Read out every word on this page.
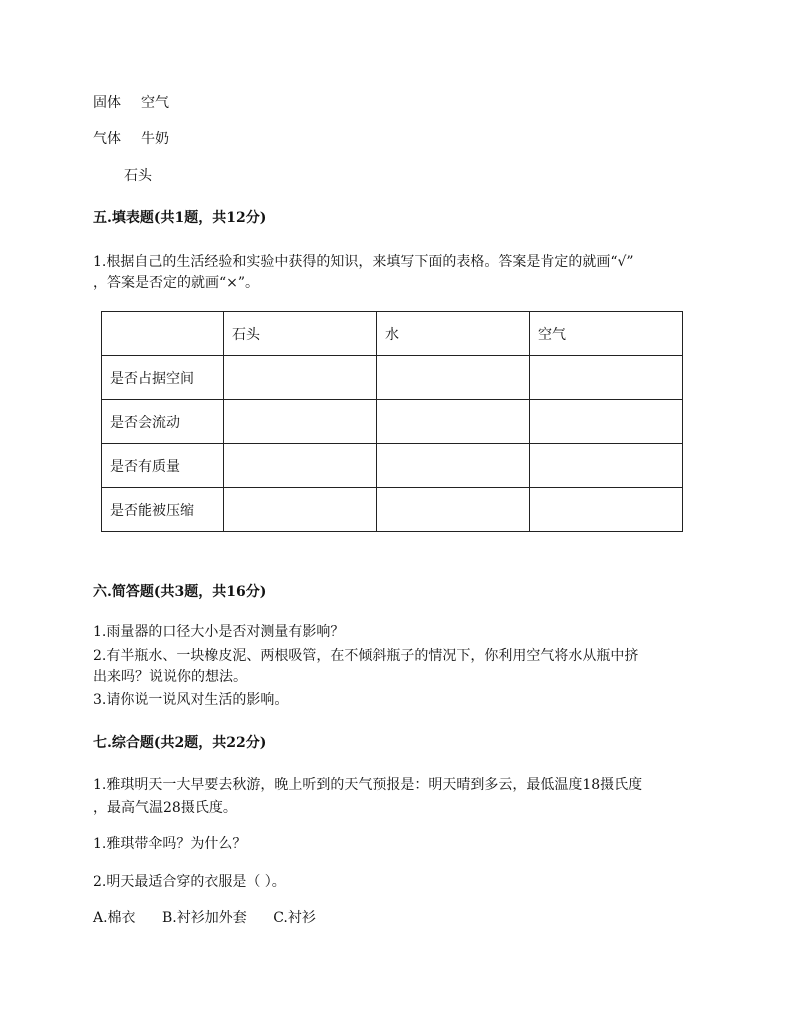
固体 空气
气体 牛奶
石头
五.填表题(共1题，共12分)
1.根据自己的生活经验和实验中获得的知识，来填写下面的表格。答案是肯定的就画“√”
，答案是否定的就画“×”。
	石头	水	空气
是否占据空间			
是否会流动			
是否有质量			
是否能被压缩			
六.简答题(共3题，共16分)
1.雨量器的口径大小是否对测量有影响？
2.有半瓶水、一块橡皮泥、两根吸管，在不倾斜瓶子的情况下，你利用空气将水从瓶中挤
出来吗？说说你的想法。
3.请你说一说风对生活的影响。
七.综合题(共2题，共22分)
1.雅琪明天一大早要去秋游，晚上听到的天气预报是：明天晴到多云，最低温度18摄氏度
，最高气温28摄氏度。
1.雅琪带伞吗？为什么？
2.明天最适合穿的衣服是（ ）。
A.棉衣 B.衬衫加外套 C.衬衫
